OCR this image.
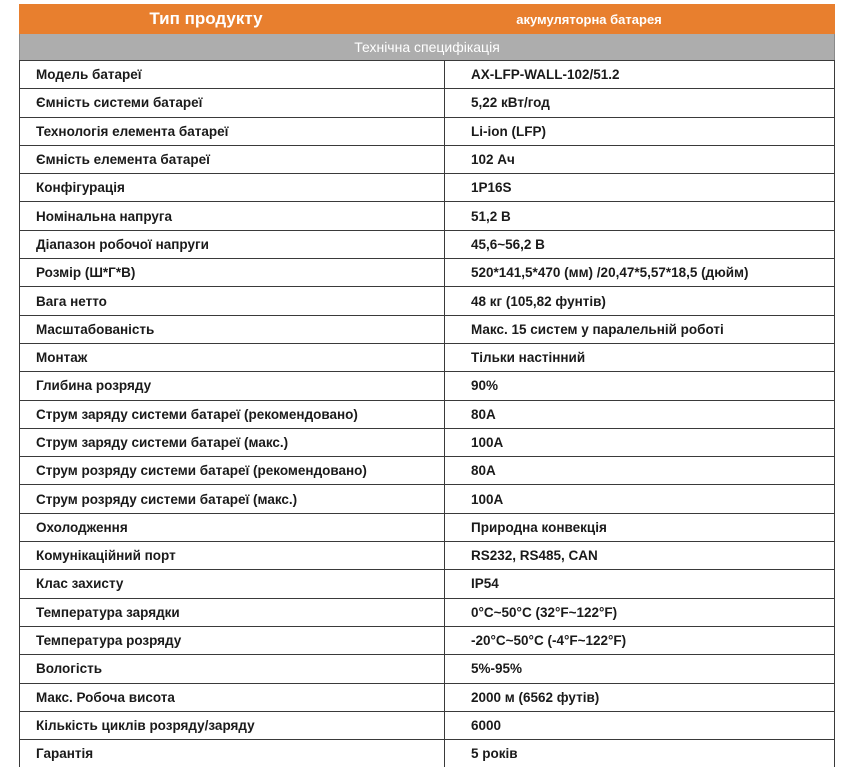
Тип продукту	акумуляторна батарея
Технічна специфікація
Модель батареї	AX-LFP-WALL-102/51.2
Ємність системи батареї	5,22 кВт/год
Технологія елемента батареї	Li-ion (LFP)
Ємність елемента батареї	102 Ач
Конфігурація	1P16S
Номінальна напруга	51,2 В
Діапазон робочої напруги	45,6~56,2 В
Розмір (Ш*Г*В)	520*141,5*470 (мм) /20,47*5,57*18,5 (дюйм)
Вага нетто	48 кг (105,82 фунтів)
Масштабованість	Макс. 15 систем у паралельній роботі
Монтаж	Тільки настінний
Глибина розряду	90%
Струм заряду системи батареї (рекомендовано)	80A
Струм заряду системи батареї (макс.)	100A
Струм розряду системи батареї (рекомендовано)	80A
Струм розряду системи батареї (макс.)	100A
Охолодження	Природна конвекція
Комунікаційний порт	RS232, RS485, CAN
Клас захисту	IP54
Температура зарядки	0°C~50°C (32°F~122°F)
Температура розряду	-20°C~50°C (-4°F~122°F)
Вологість	5%-95%
Макс. Робоча висота	2000 м (6562 футів)
Кількість циклів розряду/заряду	6000
Гарантія	5 років
